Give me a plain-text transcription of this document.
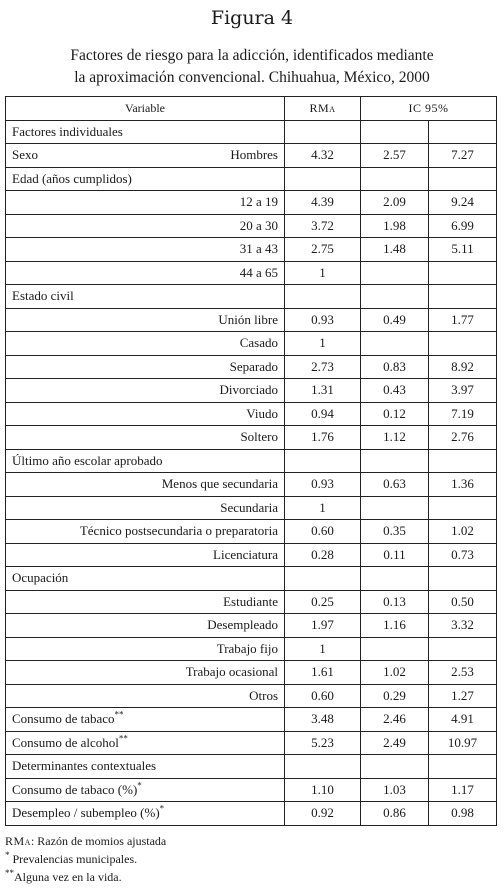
Figura 4
Factores de riesgo para la adicción, identificados mediante
la aproximación convencional. Chihuahua, México, 2000
Variable	RMa	IC 95%	
Factores individuales			

Sexo Hombres	4.32	2.57	7.27
Edad (años cumplidos)			
12 a 19	4.39	2.09	9.24
20 a 30	3.72	1.98	6.99
31 a 43	2.75	1.48	5.11
44 a 65	1		
Estado civil			
Unión libre	0.93	0.49	1.77
Casado	1		
Separado	2.73	0.83	8.92
Divorciado	1.31	0.43	3.97
Viudo	0.94	0.12	7.19
Soltero	1.76	1.12	2.76
Último año escolar aprobado			
Menos que secundaria	0.93	0.63	1.36
Secundaria	1		
Técnico postsecundaria o preparatoria	0.60	0.35	1.02
Licenciatura	0.28	0.11	0.73
Ocupación			
Estudiante	0.25	0.13	0.50
Desempleado	1.97	1.16	3.32
Trabajo fijo	1		
Trabajo ocasional	1.61	1.02	2.53
Otros	0.60	0.29	1.27
Consumo de tabaco**	3.48	2.46	4.91
Consumo de alcohol**	5.23	2.49	10.97
Determinantes contextuales			
Consumo de tabaco (%)*	1.10	1.03	1.17
Desempleo / subempleo (%)*	0.92	0.86	0.98
RMa: Razón de momios ajustada
* Prevalencias municipales.
**Alguna vez en la vida.
